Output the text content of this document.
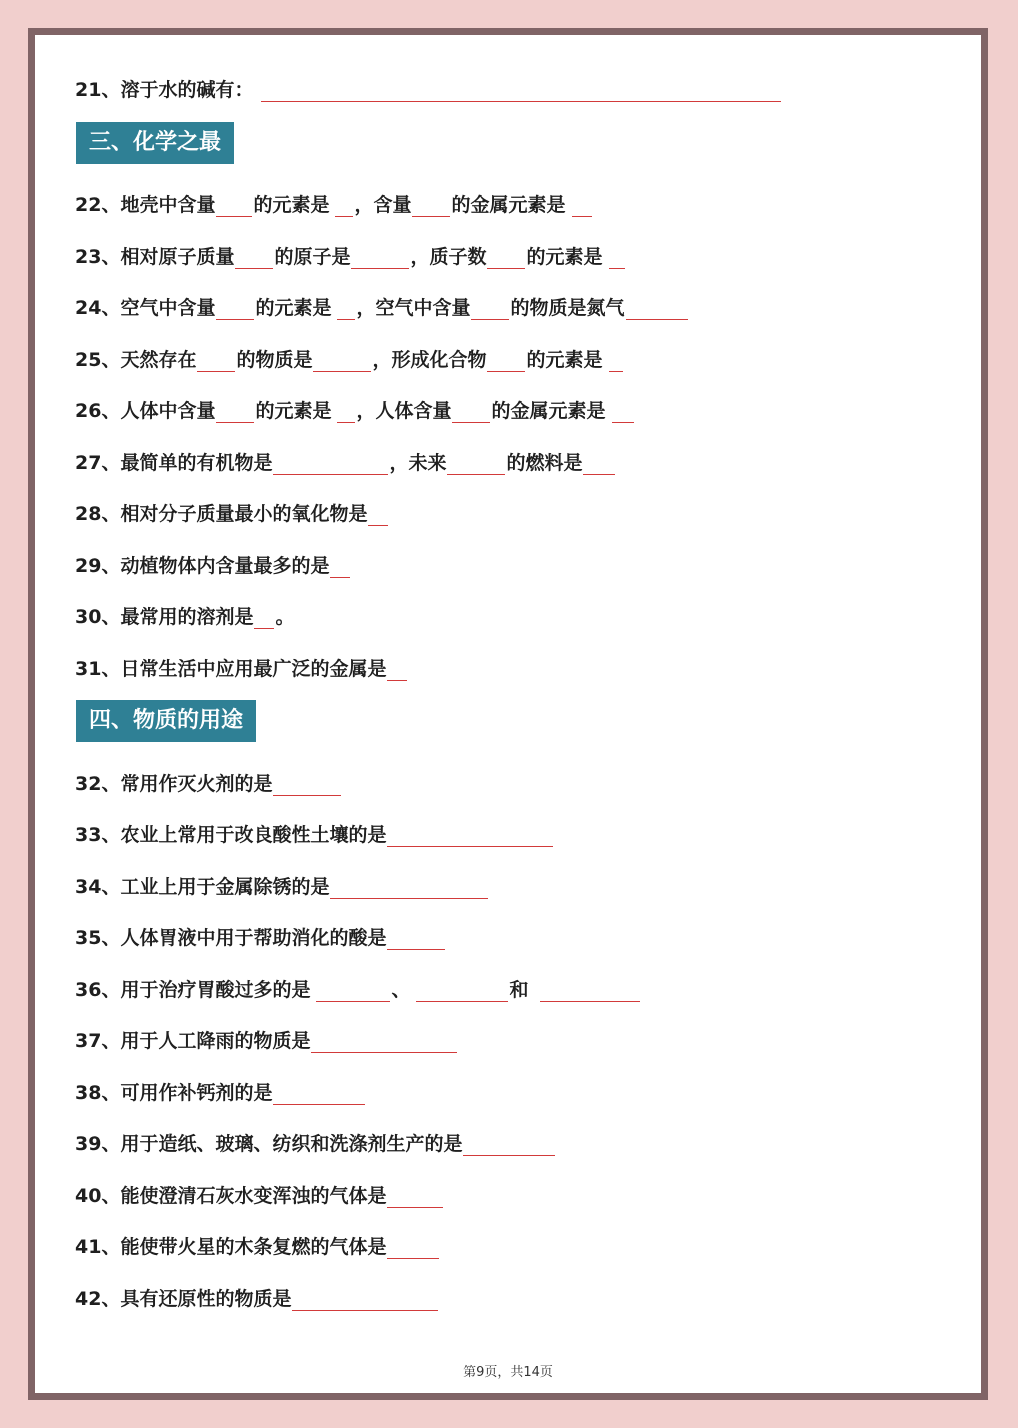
21、溶于水的碱有：
三、化学之最
22、地壳中含量 的元素是 ，含量 的金属元素是
23、相对原子质量 的原子是	，质子数 的元素是
24、空气中含量 的元素是 ，空气中含量 的物质是氮气
25、天然存在 的物质是	，形成化合物 的元素是
26、人体中含量 的元素是 ，人体含量 的金属元素是
27、最简单的有机物是	，未来	的燃料是
28、相对分子质量最小的氧化物是
29、动植物体内含量最多的是
30、最常用的溶剂是 。
31、日常生活中应用最广泛的金属是
四、物质的用途
32、常用作灭火剂的是
33、农业上常用于改良酸性土壤的是
34、工业上用于金属除锈的是
35、人体胃液中用于帮助消化的酸是
36、用于治疗胃酸过多的是	、	和
37、用于人工降雨的物质是
38、可用作补钙剂的是
39、用于造纸、玻璃、纺织和洗涤剂生产的是
40、能使澄清石灰水变浑浊的气体是
41、能使带火星的木条复燃的气体是
42、具有还原性的物质是
第9页，共14页
